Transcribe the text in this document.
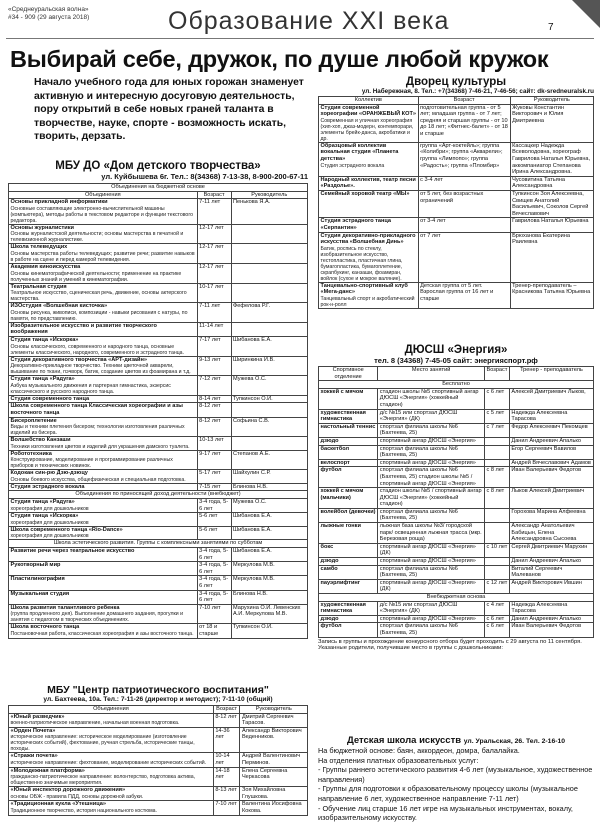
«Среднеуральская волна»
#34 - 909 (29 августа 2018)	Образование XXI века	7
Выбирай себе, дружок, по душе любой кружок
Начало учебного года для юных горожан знаменует активную и интересную досуговую деятельность, пору открытий в себе новых граней таланта в творчестве, науке, спорте - возможность искать, творить, дерзать.
МБУ ДО «Дом детского творчества»
ул. Куйбышева 6г. Тел.: 8(34368) 7-13-38, 8-900-200-67-11
Объединения на бюджетной основе		
Объединения	Возраст	Руководитель
Основы прикладной информатики
Основные составляющие электронно-вычислительной машины (компьютера), методы работы в текстовом редакторе и функции текстового редактора.	7-11 лет	Пенькова Я.А.
Основы журналистики
Основы журналистской деятельности; основы мастерства в печатной и телевизионной журналистике.	12-17 лет	
Школа телеведущих
Основы мастерства работы телеведущих; развитие речи; развитие навыков в работе на сцене и перед камерой телевидения.	12-17 лет	
Академия киноискусства
Основы кинематографической деятельности; применение на практике полученных знаний и умений в кинематографии.	12-17 лет	
Театральная студия
Театральное искусство, сценическая речь, движение, основы актерского мастерства.	10-17 лет	
ИЗОстудия «Волшебная кисточка»
Основы рисунка, живописи, композиции - навыки рисования с натуры, по памяти, по представлению.	7-11 лет	Фефелова Р.Г.
Изобразительное искусство и развитие творческого воображения	11-14 лет	
Студия танца «Искорка»
Основы классического, современного и народного танца, основные элементы классического, народного, современного и эстрадного танца.	7-17 лет	Шибанова Е.А.
Студия декоративного творчества «АРТ-дизайн»
Декоративно-прикладное творчество. Техники цветочной акварели, вышивание по ткани, пэчворк, батик, создание цветов из фоамирана и т.д.	9-13 лет	Ширинкина И.В.
Студия танца «Радуга»
Азбука музыкального движения и партерная гимнастика, экзерсис классического и русского народного танца.	7-12 лет	Мужева О.С.
Студия современного танца	8-14 лет	Тупкинсон О.И.
Школа современного танца Классическая хореографии и азы восточного танца	8-12 лет	
Бисероплетение
Виды и техники плетения бисером; технологии изготовления различных изделий из бисера.	8-12 лет	Софьина С.В.
Волшебство Канзаши
Техники изготовления цветов и изделий для украшения дамского туалета.	10-13 лет	
Робототехника
Конструирование, моделирование и программирование различных приборов и технических новинок.	9-17 лет	Степанов А.Е.
Кодокан син-рю Дзю-дзюцу
Основы боевого искусства, общефизическая и специальная подготовка.	5-17 лет	Шайхулин С.Р.
Студия эстрадного вокала	7-15 лет	Блинова Н.В.
Объединения по приносящей доход деятельности (внебюджет)		
Студия танца «Радуга»
хореография для дошкольников	3-4 года, 5-6 лет	Мужева О.С.
Студия танца «Искорка»
хореография для дошкольников	5-6 лет	Шибанова Е.А.
Школа современного танца «Rio-Dance»
хореография для дошкольников	5-6 лет	Шибанова Е.А.
Школа эстетического развития. Группы с комплексными занятиями по субботам		
Развитие речи через театральное искусство	3-4 года, 5-6 лет	Шибанова Е.А.
Рукотворный мир	3-4 года, 5-6 лет	Меркулова М.В.
Пластилинография	3-4 года, 5-6 лет	Меркулова М.В.
Музыкальная студия	3-4 года, 5-6 лет	Блинова Н.В.
Школа развития талантливого ребенка
(группа продленного дня). Выполнение домашнего задания, прогулки и занятия с педагогом в творческих объединениях.	7-10 лет	Марухина О.И. Левенских А.И. Меркулова М.В.
Школа восточного танца
Постановочная работа, классическая хореография и азы восточного танца.	от 18 и старше	Тупкинсон О.И.
МБУ "Центр патриотического воспитания"
ул. Бахтеева, 10а. Тел.: 7-11-26 (директор и методист); 7-11-10 (общий)
Объединения	Возраст	Руководитель
«Юный разведчик»
военно-патриотическое направление, начальная военная подготовка.	8-12 лет	Дмитрий Сергеевич Тарасов.
«Орден Почета»
историческое направление: историческое моделирование (изготовление исторических событий), фехтование, ручная стрельба, исторические танцы, походы.	14-36 лет	Александр Викторович Веденников.
«Стражи почета»
историческое направление: фехтование, моделирование исторических событий.	10-14 лет	Андрей Валентинович Перминов.
«Молодежная платформа»
гражданско-патриотическое направление: волонтерство, подготовка актива, общественно значимые мероприятия.	14-18 лет	Елена Сергеевна Черкасова
«Юный инспектор дорожного движения»
основы ОБЖ - правила ПДД, основы дорожной азбуки.	8-13 лет	Зоя Михайловна Глушкова.
«Традиционная кукла «Утешница»
Традиционное творчество, история национального костюма.	7-10 лет	Валентина Иосифовна Кокова.
Дворец культуры
ул. Набережная, 8. Тел.: +7(34368) 7-46-21, 7-46-56; сайт: dk-sredneuralsk.ru
Коллектив	Возраст	Руководитель
Студия современной хореографии «ОРАНЖЕВЫЙ КОТ»
Современная и уличная хореография (хип-хоп, джаз-модерн, контемпорари, элементы брейк-данса, акробатики и др.	подготовительная группа - от 5 лет; младшая группа - от 7 лет; средняя и старшая группы - от 10 до 18 лет; «Фитнес-балет» - от 18 и старше	Жуковы Константин Викторович и Юлия Дмитриевна
Образцовый коллектив вокальная студия «Планета детства»
Студия эстрадного вокала	группа «Арт-коктейль»; группа «Колибри»; группа «Акварели»; группа «Лимпопо»; группа «Радость»; группа «Пломбир»	Кассацкер Надежда Всеволодовна, хореограф Гаврилова Наталья Юрьевна, аккомпаниатор Степанова Ирина Александровна.
Народный коллектив, театр песни «Раздолье».	с 3-4 лет	Чусовитина Татьяна Александровна
Семейный хоровой театр «МЫ»	от 5 лет, без возрастных ограничений	Тупкинсон Зоя Алексеевна, Свищев Анатолий Васильевич, Соколов Сергей Вячеславович
Студия эстрадного танца «Серпантин»	от 3-4 лет	Гаврилова Наталья Юрьевна
Студия декоративно-прикладного искусства «Волшебная Динь»
Батик, роспись по стеклу, изобразительное искусство, тестопластика, пластичная глина, бумагопластика, бумагоплетение, скрапбукинг, канзаши, фоамиран, войлок (сухое и мокрое валяние).	от 7 лет	Брюханова Екатерина Раилевна
Танцевально-спортивный клуб «Мега-данс»
Танцевальный спорт и акробатический рок-н-ролл	Детская группа от 5 лет. Взрослая группа от 16 лет и старше	Тренер-преподаватель – Красникова Татьяна Юрьевна
ДЮСШ «Энергия»
тел. 8 (34368) 7-45-05 сайт: энергияспорт.рф
Спортивное отделение	Место занятий	Возраст	Тренер - преподаватель
Бесплатно			
хоккей с мячом	стадион школы №5 спортивный ангар ДЮСШ «Энергия» (хоккейный стадион)	с 6 лет	Алексей Дмитриевич Лыков,
художественная гимнастика	д/с №15 или спортзал ДЮСШ «Энергия» (ДК)	с 5 лет	Надежда Алексеевна Тарасова
настольный теннис	спортзал филиала школы №6 (Бахтеева, 25)	с 7 лет	Федор Алексеевич Пекомцев
дзюдо	спортивный ангар ДЮСШ «Энергия»		Данил Андреевич Апалько
баскетбол	спортзал филиала школы №6 (Бахтеева, 25)		Егор Сергеевич Вавилов
велоспорт	спортивный ангар ДЮСШ «Энергия»		Андрей Вячеславович Адамов
футбол	спортзал филиала школы №6 (Бахтеева, 25) стадион школы №5 / спортивный ангар ДЮСШ «Энергия»	с 8 лет	Иван Валерьевич Федотов
хоккей с мячом (мальчики)	стадион школы №5 / спортивный ангар ДЮСШ «Энергия» (хоккейный стадион)	с 8 лет	Лыков Алексей Дмитриевич
волейбол (девочки)	спортзал филиала школы №6 (Бахтеева, 25)		Горохова Марина Алфеевна
лыжные гонки	лыжная база школы №3/ городской парк/ освещенная лыжная трасса (мкр. Березовая роща)		Александр Анатольевич Бабицын, Елена Александровна Сысоева
бокс	спортивный ангар ДЮСШ «Энергия» (ДК)	с 10 лет	Сергей Дмитриевич Марухин
дзюдо	спортивный ангар ДЮСШ «Энергия»		Данил Андреевич Апалько
самбо	спортзал филиала школы №6 (Бахтеева, 25)		Виталий Сергеевич Малеванов
пауэрлифтинг	спортивный ангар ДЮСШ «Энергия» (ДК)	с 12 лет	Андрей Викторович Ившин
Внебюджетная основа			
художественная гимнастика	д/с №15 или спортзал ДЮСШ «Энергия» (ДК)	с 4 лет	Надежда Алексеевна Тарасова
дзюдо	спортивный ангар ДЮСШ «Энергия»	с 6 лет	Данил Андреевич Апалько
футбол	спортзал филиала школы №6 (Бахтеева, 25)	с 6 лет	Иван Валерьевич Федотов
Запись в группы и прохождение конкурсного отбора будет проходить с 29 августа по 11 сентября. Указанные родители, получившие место в группы с дошкольниками:
Детская школа искусств ул. Уральская, 26. Тел. 2-16-10
На бюджетной основе: баян, аккордеон, домра, балалайка.
На отделения платных образовательных услуг:
- Группы раннего эстетического развития 4-6 лет (музыкальное, художественное направления)
- Группы для подготовки к образовательному процессу школы (музыкальное направление 6 лет, художественное направление 7-11 лет)
- Обучение лиц старше 16 лет игре на музыкальных инструментах, вокалу, изобразительному искусству.
